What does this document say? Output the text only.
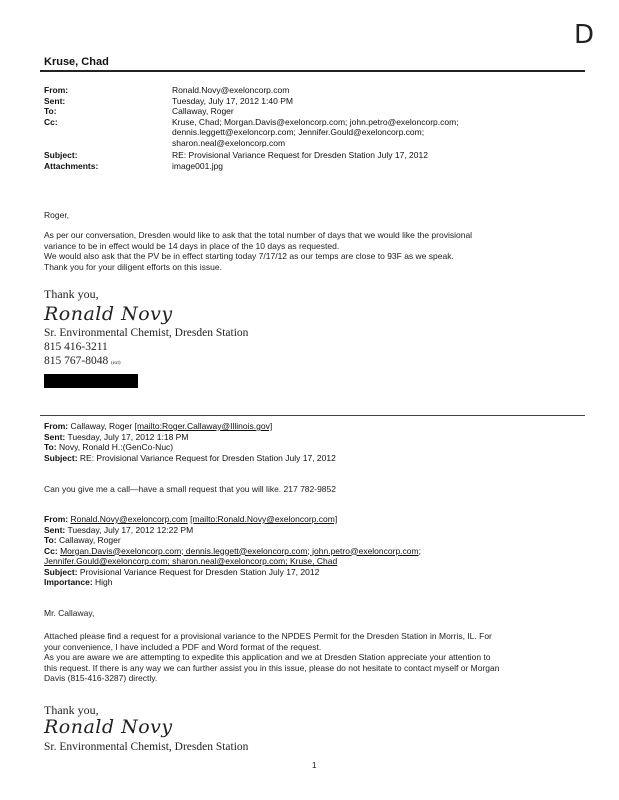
D
Kruse, Chad
From:	Ronald.Novy@exeloncorp.com
Sent:	Tuesday, July 17, 2012 1:40 PM
To:	Callaway, Roger
Cc:	Kruse, Chad; Morgan.Davis@exeloncorp.com; john.petro@exeloncorp.com;
dennis.leggett@exeloncorp.com; Jennifer.Gould@exeloncorp.com;
sharon.neal@exeloncorp.com
Subject:	RE: Provisional Variance Request for Dresden Station July 17, 2012
Attachments:	image001.jpg
Roger,
As per our conversation, Dresden would like to ask that the total number of days that we would like the provisional
variance to be in effect would be 14 days in place of the 10 days as requested.
We would also ask that the PV be in effect starting today 7/17/12 as our temps are close to 93F as we speak.
Thank you for your diligent efforts on this issue.
Thank you,
Ronald Novy
Sr. Environmental Chemist, Dresden Station
815 416-3211
815 767-8048 (ext)
From: Callaway, Roger [mailto:Roger.Callaway@Illinois.gov]
Sent: Tuesday, July 17, 2012 1:18 PM
To: Novy, Ronald H.:(GenCo-Nuc)
Subject: RE: Provisional Variance Request for Dresden Station July 17, 2012
Can you give me a call—have a small request that you will like. 217 782-9852
From: Ronald.Novy@exeloncorp.com [mailto:Ronald.Novy@exeloncorp.com]
Sent: Tuesday, July 17, 2012 12:22 PM
To: Callaway, Roger
Cc: Morgan.Davis@exeloncorp.com; dennis.leggett@exeloncorp.com; john.petro@exeloncorp.com;
Jennifer.Gould@exeloncorp.com; sharon.neal@exeloncorp.com; Kruse, Chad
Subject: Provisional Variance Request for Dresden Station July 17, 2012
Importance: High
Mr. Callaway,
Attached please find a request for a provisional variance to the NPDES Permit for the Dresden Station in Morris, IL. For
your convenience, I have included a PDF and Word format of the request.
As you are aware we are attempting to expedite this application and we at Dresden Station appreciate your attention to
this request. If there is any way we can further assist you in this issue, please do not hesitate to contact myself or Morgan
Davis (815-416-3287) directly.
Thank you,
Ronald Novy
Sr. Environmental Chemist, Dresden Station
1
